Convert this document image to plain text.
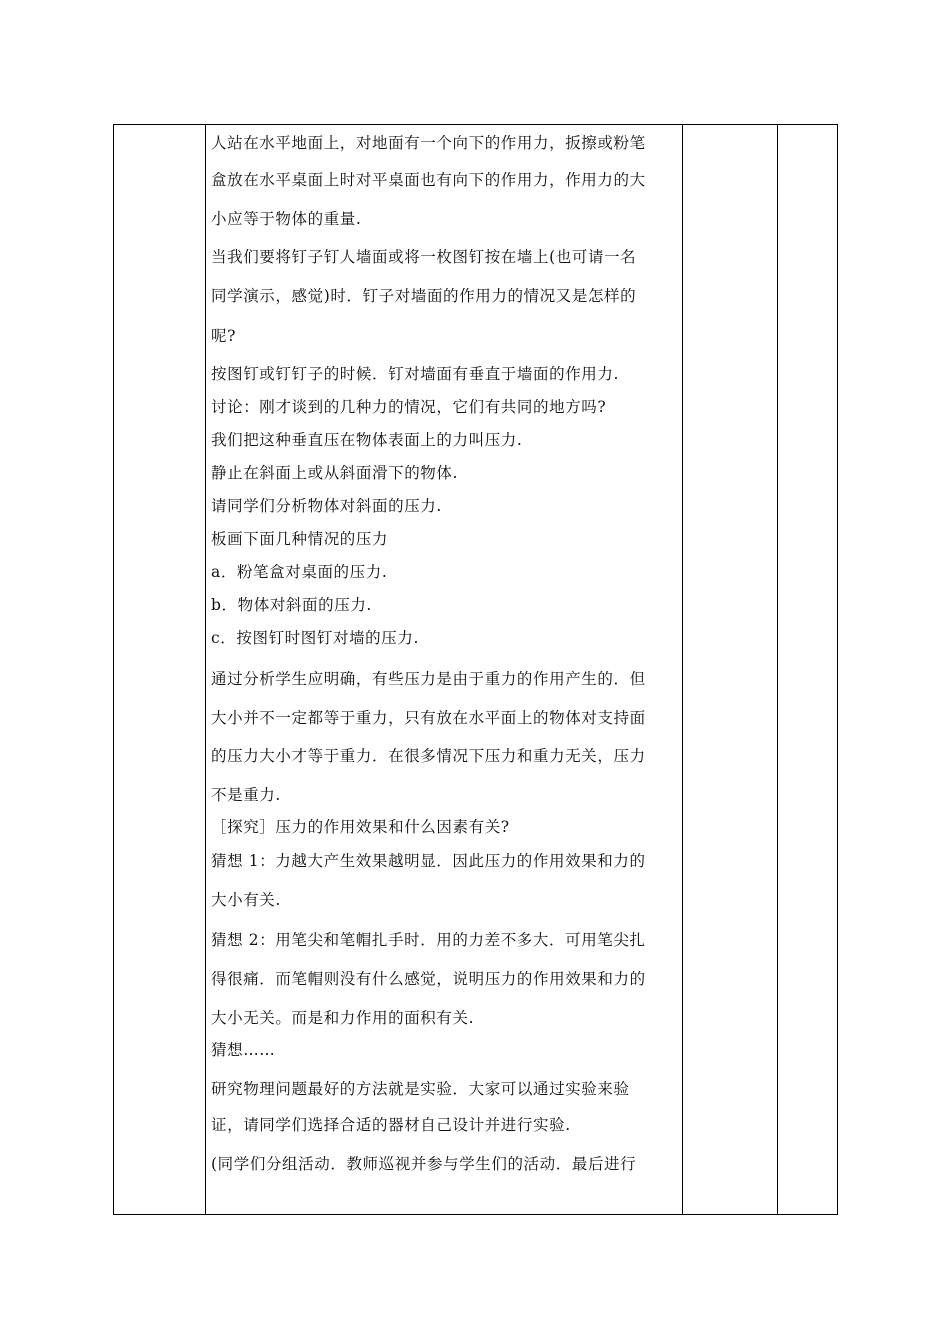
人站在水平地面上，对地面有一个向下的作用力，扳擦或粉笔
盒放在水平桌面上时对平桌面也有向下的作用力，作用力的大
小应等于物体的重量.
当我们要将钉子钉人墙面或将一枚图钉按在墙上(也可请一名
同学演示，感觉)时．钉子对墙面的作用力的情况又是怎样的
呢?
按图钉或钉钉子的时候．钉对墙面有垂直于墙面的作用力.
讨论：刚才谈到的几种力的情况，它们有共同的地方吗?
我们把这种垂直压在物体表面上的力叫压力.
静止在斜面上或从斜面滑下的物体.
请同学们分析物体对斜面的压力.
板画下面几种情况的压力
a．粉笔盒对桌面的压力.
b．物体对斜面的压力.
c．按图钉时图钉对墙的压力.
通过分析学生应明确，有些压力是由于重力的作用产生的．但
大小并不一定都等于重力，只有放在水平面上的物体对支持面
的压力大小才等于重力．在很多情况下压力和重力无关，压力
不是重力.
［探究］压力的作用效果和什么因素有关?
猜想 1：力越大产生效果越明显．因此压力的作用效果和力的
大小有关.
猜想 2：用笔尖和笔帽扎手时．用的力差不多大．可用笔尖扎
得很痛．而笔帽则没有什么感觉，说明压力的作用效果和力的
大小无关。而是和力作用的面积有关.
猜想……
研究物理问题最好的方法就是实验．大家可以通过实验来验
证，请同学们选择合适的器材自己设计并进行实验.
(同学们分组活动．教师巡视并参与学生们的活动．最后进行
